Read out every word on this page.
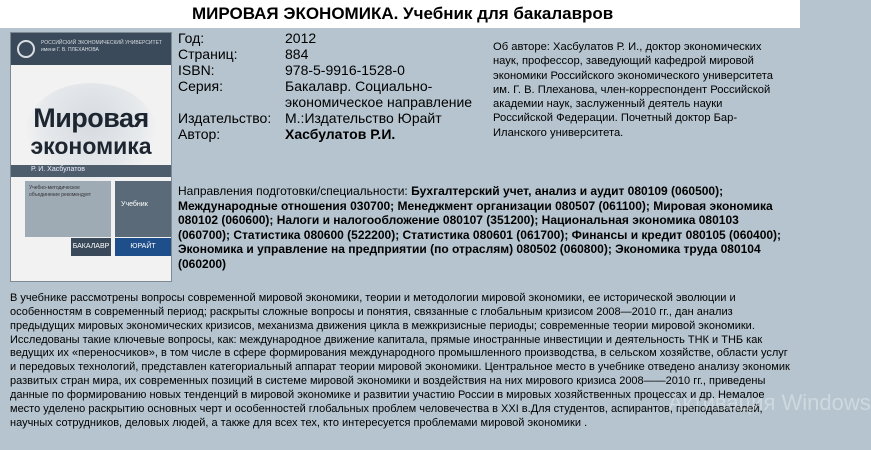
МИРОВАЯ ЭКОНОМИКА. Учебник для бакалавров
РОССИЙСКИЙ ЭКОНОМИЧЕСКИЙ УНИВЕРСИТЕТ имени Г. В. ПЛЕХАНОВА
Мировая
экономика
Р. И. Хасбулатов
Учебно-методическое объединение рекомендует
Учебник
БАКАЛАВР	ЮРАЙТ
Год:	2012
Страниц:	884
ISBN:	978-5-9916-1528-0
Серия:	Бакалавр. Социально-экономическое направление
Издательство: М.:Издательство Юрайт
Автор:	Хасбулатов Р.И.
Об авторе: Хасбулатов Р. И., доктор экономических наук, профессор, заведующий кафедрой мировой экономики Российского экономического университета им. Г. В. Плеханова, член-корреспондент Российской академии наук, заслуженный деятель науки Российской Федерации. Почетный доктор Бар-Иланского университета.
Направления подготовки/специальности: Бухгалтерский учет, анализ и аудит 080109 (060500); Международные отношения 030700; Менеджмент организации 080507 (061100); Мировая экономика 080102 (060600); Налоги и налогообложение 080107 (351200); Национальная экономика 080103 (060700); Статистика 080600 (522200); Статистика 080601 (061700); Финансы и кредит 080105 (060400); Экономика и управление на предприятии (по отраслям) 080502 (060800); Экономика труда 080104 (060200)
В учебнике рассмотрены вопросы современной мировой экономики, теории и методологии мировой экономики, ее исторической эволюции и особенностям в современный период; раскрыты сложные вопросы и понятия, связанные с глобальным кризисом 2008—2010 гг., дан анализ предыдущих мировых экономических кризисов, механизма движения цикла в межкризисные периоды; современные теории мировой экономики. Исследованы такие ключевые вопросы, как: международное движение капитала, прямые иностранные инвестиции и деятельность ТНК и ТНБ как ведущих их «переносчиков», в том числе в сфере формирования международного промышленного производства, в сельском хозяйстве, области услуг и передовых технологий, представлен категориальный аппарат теории мировой экономики. Центральное место в учебнике отведено анализу экономик развитых стран мира, их современных позиций в системе мировой экономики и воздействия на них мирового кризиса 2008——2010 гг., приведены данные по формированию новых тенденций в мировой экономике и развитии участию России в мировых хозяйственных процессах и др. Немалое место уделено раскрытию основных черт и особенностей глобальных проблем человечества в XXI в.Для студентов, аспирантов, преподавателей, научных сотрудников, деловых людей, а также для всех тех, кто интересуется проблемами мировой экономики .
Активация Windows
